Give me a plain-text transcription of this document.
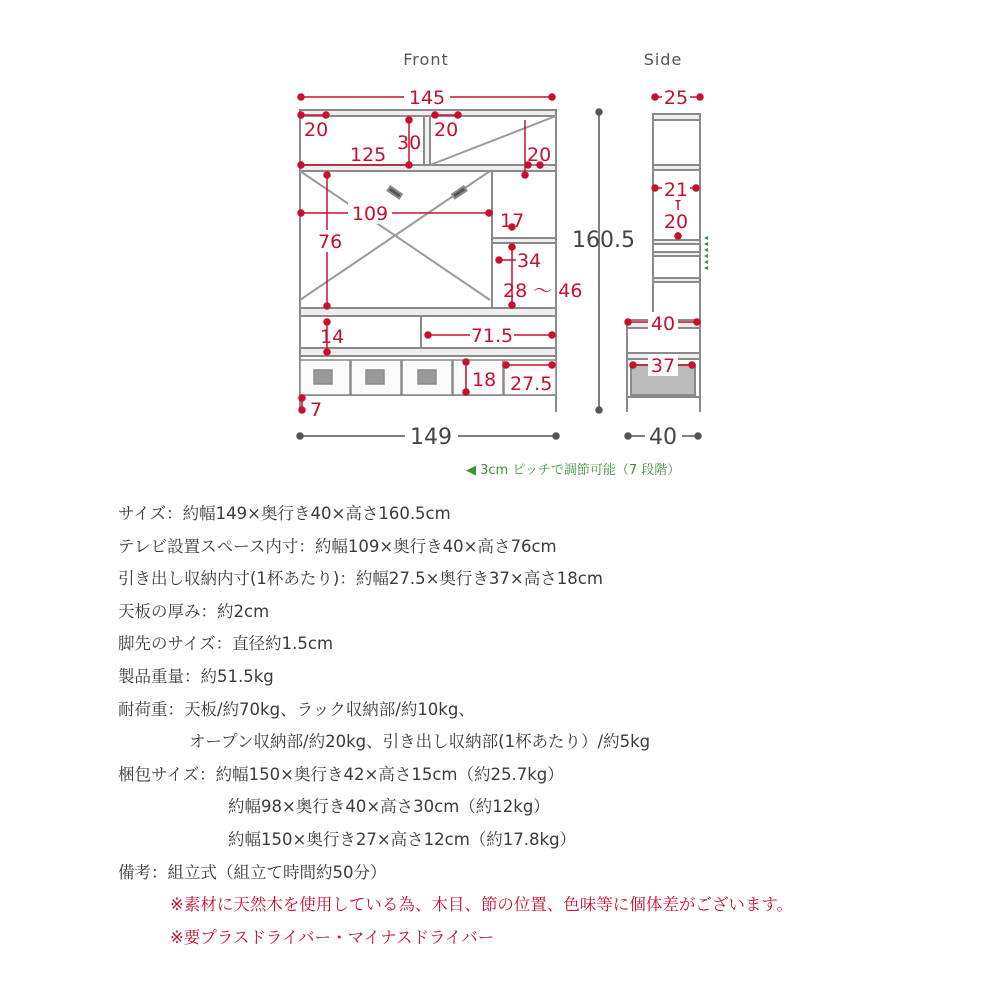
Front	Side
145
20
30
20
125	20
109
76
17
34
28 〜 46
14	71.5
18 27.5
7
149
160.5
25
21
20
40
37
40
◀ 3cm ピッチで調節可能（7 段階）
サイズ：約幅149×奥行き40×高さ160.5cm
テレビ設置スペース内寸：約幅109×奥行き40×高さ76cm
引き出し収納内寸(1杯あたり)：約幅27.5×奥行き37×高さ18cm
天板の厚み：約2cm
脚先のサイズ：直径約1.5cm
製品重量：約51.5kg
耐荷重：天板/約70kg、ラック収納部/約10kg、
オープン収納部/約20kg、引き出し収納部(1杯あたり）/約5kg
梱包サイズ：約幅150×奥行き42×高さ15cm（約25.7kg）
約幅98×奥行き40×高さ30cm（約12kg）
約幅150×奥行き27×高さ12cm（約17.8kg）
備考：組立式（組立て時間約50分）
※素材に天然木を使用している為、木目、節の位置、色味等に個体差がございます。
※要プラスドライバー・マイナスドライバー
